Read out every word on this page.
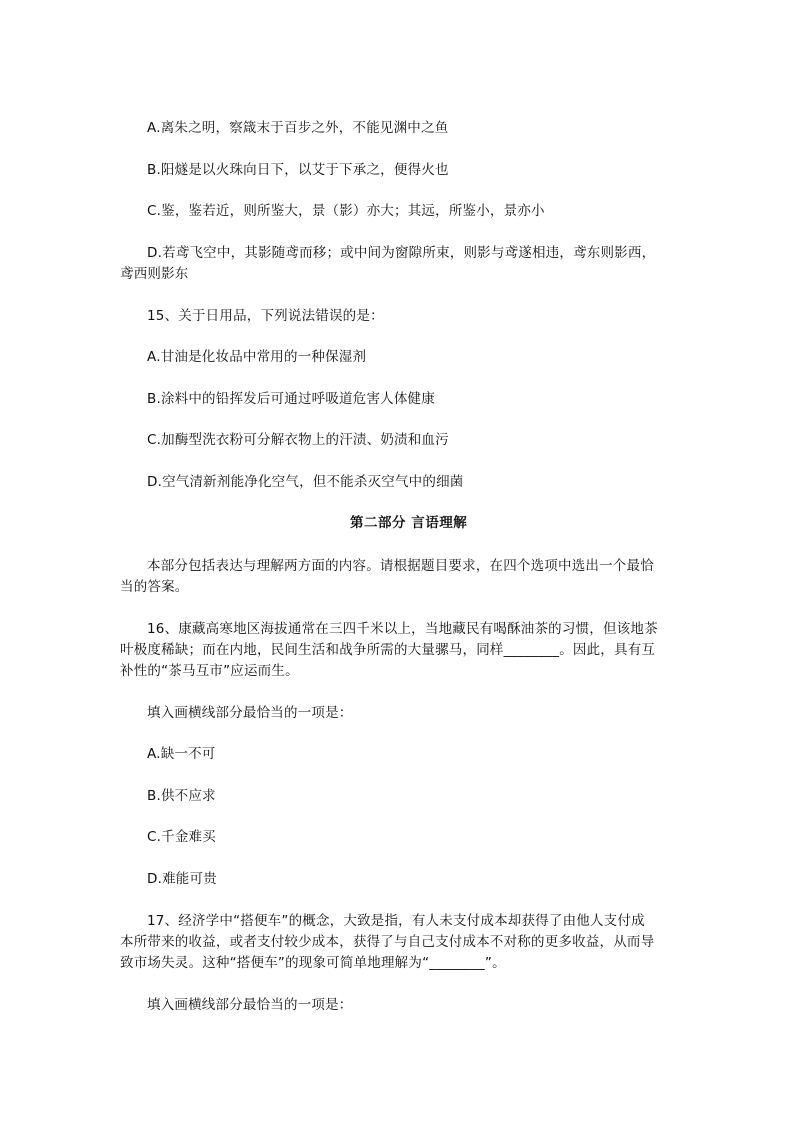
A.离朱之明，察箴末于百步之外，不能见渊中之鱼
B.阳燧是以火珠向日下，以艾于下承之，便得火也
C.鉴，鉴若近，则所鉴大，景（影）亦大；其远，所鉴小，景亦小
D.若鸢飞空中，其影随鸢而移；或中间为窗隙所束，则影与鸢遂相违，鸢东则影西，
鸢西则影东
15、关于日用品，下列说法错误的是：
A.甘油是化妆品中常用的一种保湿剂
B.涂料中的铅挥发后可通过呼吸道危害人体健康
C.加酶型洗衣粉可分解衣物上的汗渍、奶渍和血污
D.空气清新剂能净化空气，但不能杀灭空气中的细菌
第二部分 言语理解
本部分包括表达与理解两方面的内容。请根据题目要求，在四个选项中选出一个最恰
当的答案。
16、康藏高寒地区海拔通常在三四千米以上，当地藏民有喝酥油茶的习惯，但该地茶
叶极度稀缺；而在内地，民间生活和战争所需的大量骡马，同样________。因此，具有互
补性的“茶马互市”应运而生。
填入画横线部分最恰当的一项是：
A.缺一不可
B.供不应求
C.千金难买
D.难能可贵
17、经济学中“搭便车”的概念，大致是指，有人未支付成本却获得了由他人支付成
本所带来的收益，或者支付较少成本，获得了与自己支付成本不对称的更多收益，从而导
致市场失灵。这种“搭便车”的现象可简单地理解为“________”。
填入画横线部分最恰当的一项是：
